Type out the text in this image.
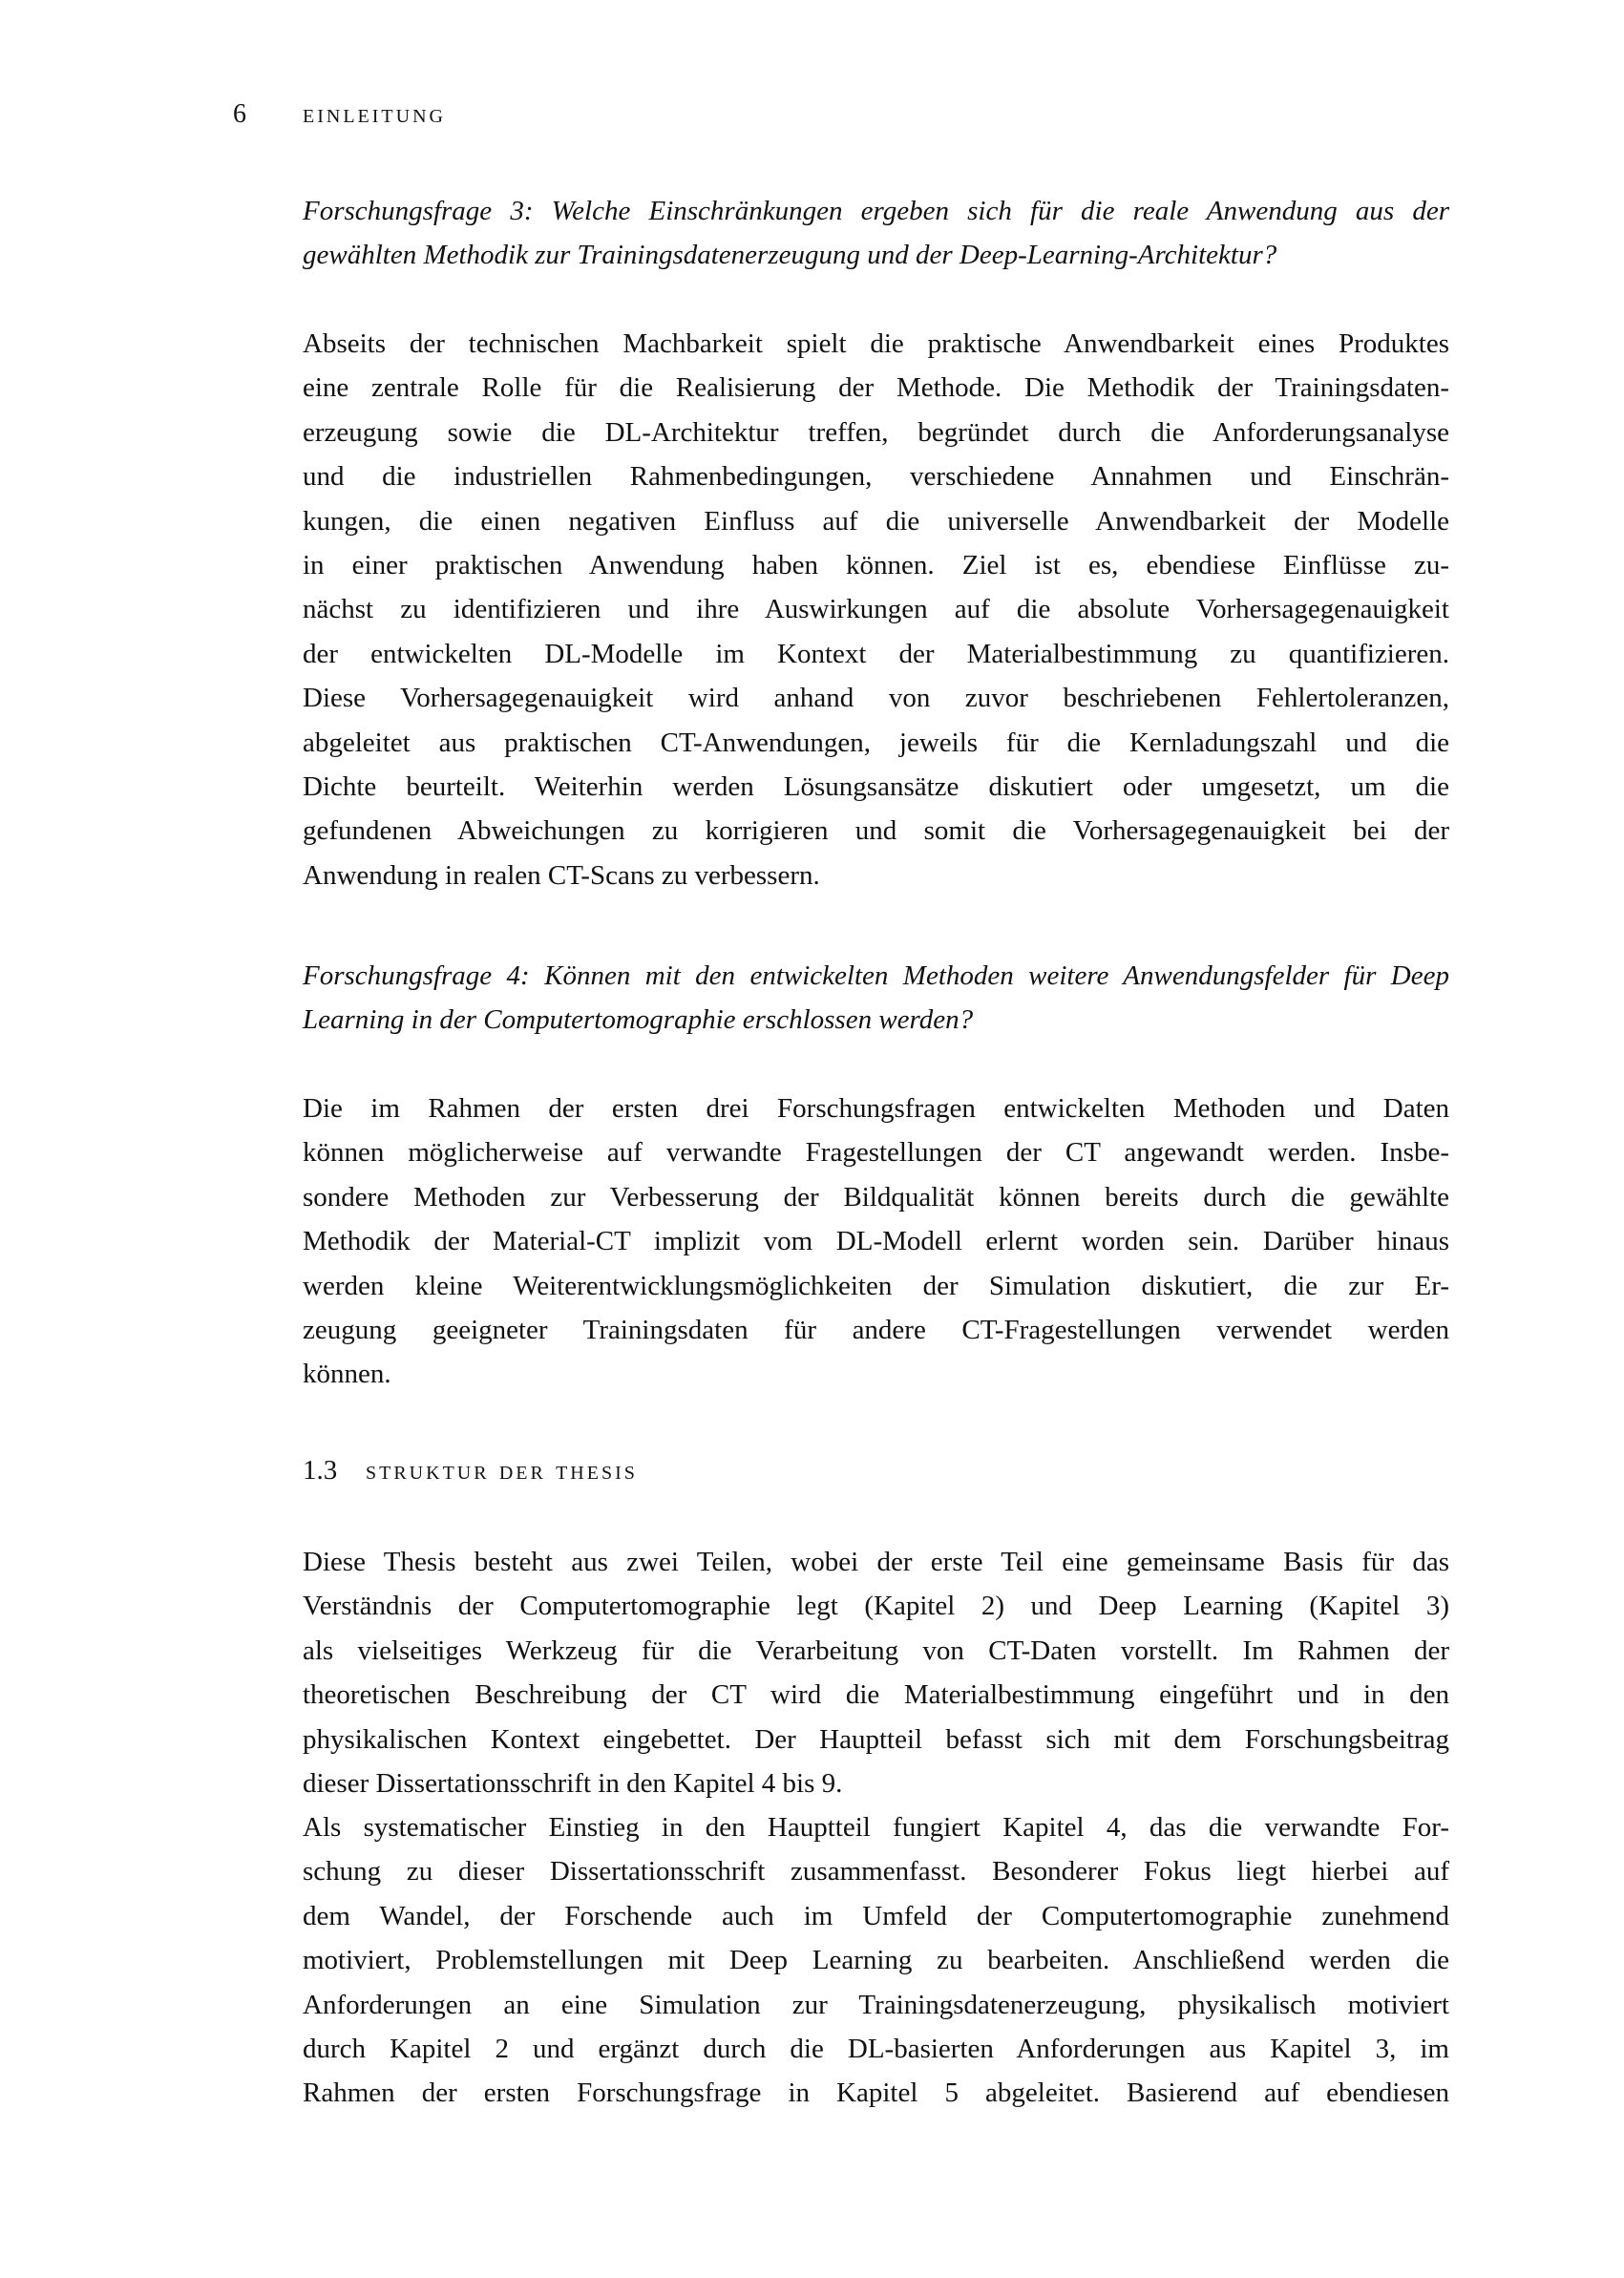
6 einleitung
Forschungsfrage 3: Welche Einschränkungen ergeben sich für die reale Anwendung aus der
gewählten Methodik zur Trainingsdatenerzeugung und der Deep-Learning-Architektur?
Abseits der technischen Machbarkeit spielt die praktische Anwendbarkeit eines Produktes
eine zentrale Rolle für die Realisierung der Methode. Die Methodik der Trainingsdaten-
erzeugung sowie die DL-Architektur treffen, begründet durch die Anforderungsanalyse
und die industriellen Rahmenbedingungen, verschiedene Annahmen und Einschrän-
kungen, die einen negativen Einfluss auf die universelle Anwendbarkeit der Modelle
in einer praktischen Anwendung haben können. Ziel ist es, ebendiese Einflüsse zu-
nächst zu identifizieren und ihre Auswirkungen auf die absolute Vorhersagegenauigkeit
der entwickelten DL-Modelle im Kontext der Materialbestimmung zu quantifizieren.
Diese Vorhersagegenauigkeit wird anhand von zuvor beschriebenen Fehlertoleranzen,
abgeleitet aus praktischen CT-Anwendungen, jeweils für die Kernladungszahl und die
Dichte beurteilt. Weiterhin werden Lösungsansätze diskutiert oder umgesetzt, um die
gefundenen Abweichungen zu korrigieren und somit die Vorhersagegenauigkeit bei der
Anwendung in realen CT-Scans zu verbessern.
Forschungsfrage 4: Können mit den entwickelten Methoden weitere Anwendungsfelder für Deep
Learning in der Computertomographie erschlossen werden?
Die im Rahmen der ersten drei Forschungsfragen entwickelten Methoden und Daten
können möglicherweise auf verwandte Fragestellungen der CT angewandt werden. Insbe-
sondere Methoden zur Verbesserung der Bildqualität können bereits durch die gewählte
Methodik der Material-CT implizit vom DL-Modell erlernt worden sein. Darüber hinaus
werden kleine Weiterentwicklungsmöglichkeiten der Simulation diskutiert, die zur Er-
zeugung geeigneter Trainingsdaten für andere CT-Fragestellungen verwendet werden
können.
1.3 struktur der thesis
Diese Thesis besteht aus zwei Teilen, wobei der erste Teil eine gemeinsame Basis für das
Verständnis der Computertomographie legt (Kapitel 2) und Deep Learning (Kapitel 3)
als vielseitiges Werkzeug für die Verarbeitung von CT-Daten vorstellt. Im Rahmen der
theoretischen Beschreibung der CT wird die Materialbestimmung eingeführt und in den
physikalischen Kontext eingebettet. Der Hauptteil befasst sich mit dem Forschungsbeitrag
dieser Dissertationsschrift in den Kapitel 4 bis 9.
Als systematischer Einstieg in den Hauptteil fungiert Kapitel 4, das die verwandte For-
schung zu dieser Dissertationsschrift zusammenfasst. Besonderer Fokus liegt hierbei auf
dem Wandel, der Forschende auch im Umfeld der Computertomographie zunehmend
motiviert, Problemstellungen mit Deep Learning zu bearbeiten. Anschließend werden die
Anforderungen an eine Simulation zur Trainingsdatenerzeugung, physikalisch motiviert
durch Kapitel 2 und ergänzt durch die DL-basierten Anforderungen aus Kapitel 3, im
Rahmen der ersten Forschungsfrage in Kapitel 5 abgeleitet. Basierend auf ebendiesen
